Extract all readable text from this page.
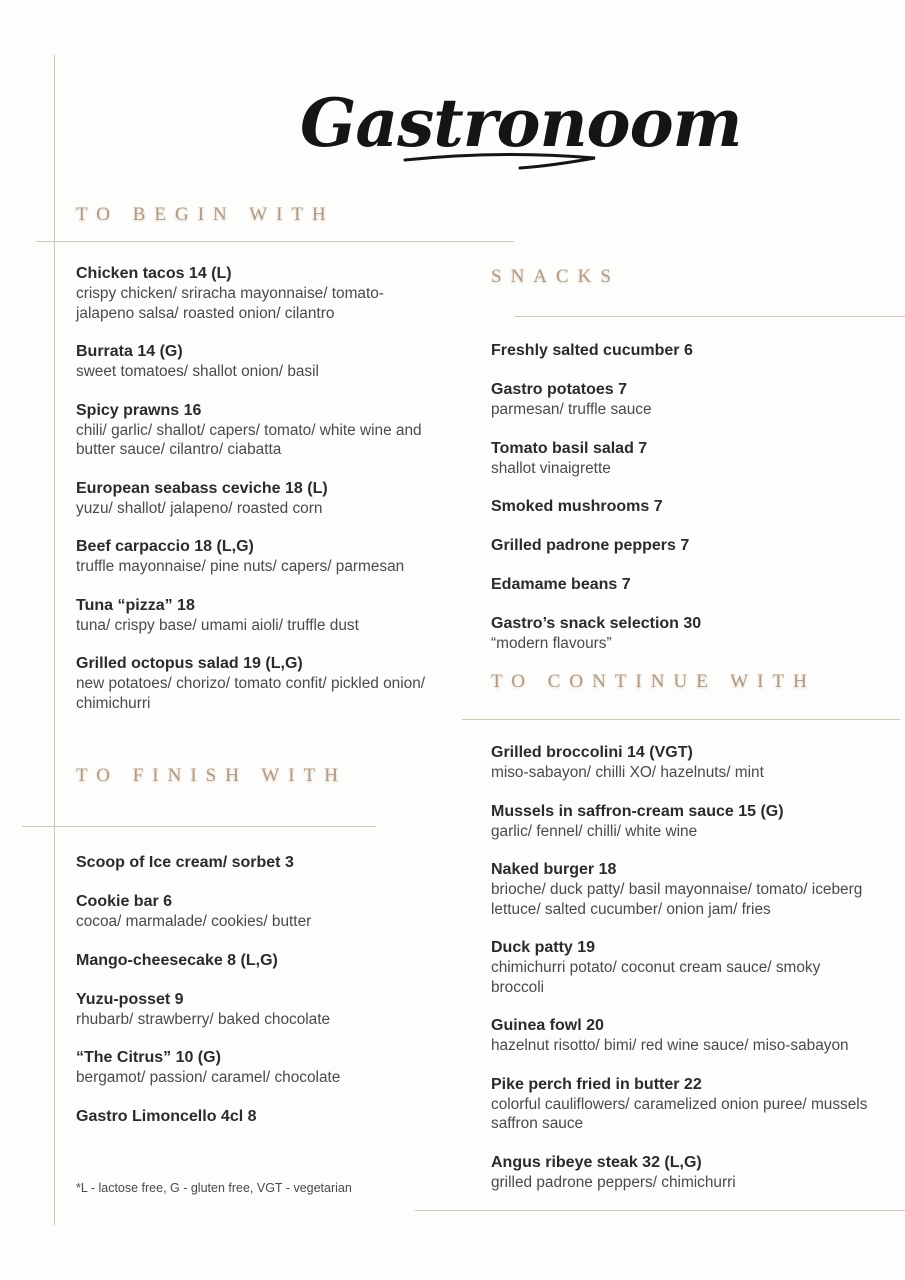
Gastronoom
TO BEGIN WITH
SNACKS
TO CONTINUE WITH
TO FINISH WITH
Chicken tacos 14 (L)
crispy chicken/ sriracha mayonnaise/ tomato-jalapeno salsa/ roasted onion/ cilantro
Burrata 14 (G)
sweet tomatoes/ shallot onion/ basil
Spicy prawns 16
chili/ garlic/ shallot/ capers/ tomato/ white wine and butter sauce/ cilantro/ ciabatta
European seabass ceviche 18 (L)
yuzu/ shallot/ jalapeno/ roasted corn
Beef carpaccio 18 (L,G)
truffle mayonnaise/ pine nuts/ capers/ parmesan
Tuna “pizza” 18
tuna/ crispy base/ umami aioli/ truffle dust
Grilled octopus salad 19 (L,G)
new potatoes/ chorizo/ tomato confit/ pickled onion/ chimichurri
Scoop of Ice cream/ sorbet 3
Cookie bar 6
cocoa/ marmalade/ cookies/ butter
Mango-cheesecake 8 (L,G)
Yuzu-posset 9
rhubarb/ strawberry/ baked chocolate
“The Citrus” 10 (G)
bergamot/ passion/ caramel/ chocolate
Gastro Limoncello 4cl 8
Freshly salted cucumber 6
Gastro potatoes 7
parmesan/ truffle sauce
Tomato basil salad 7
shallot vinaigrette
Smoked mushrooms 7
Grilled padrone peppers 7
Edamame beans 7
Gastro’s snack selection 30
“modern flavours”
Grilled broccolini 14 (VGT)
miso-sabayon/ chilli XO/ hazelnuts/ mint
Mussels in saffron-cream sauce 15 (G)
garlic/ fennel/ chilli/ white wine
Naked burger 18
brioche/ duck patty/ basil mayonnaise/ tomato/ iceberg lettuce/ salted cucumber/ onion jam/ fries
Duck patty 19
chimichurri potato/ coconut cream sauce/ smoky broccoli
Guinea fowl 20
hazelnut risotto/ bimi/ red wine sauce/ miso-sabayon
Pike perch fried in butter 22
colorful cauliflowers/ caramelized onion puree/ mussels saffron sauce
Angus ribeye steak 32 (L,G)
grilled padrone peppers/ chimichurri
*L - lactose free, G - gluten free, VGT - vegetarian
